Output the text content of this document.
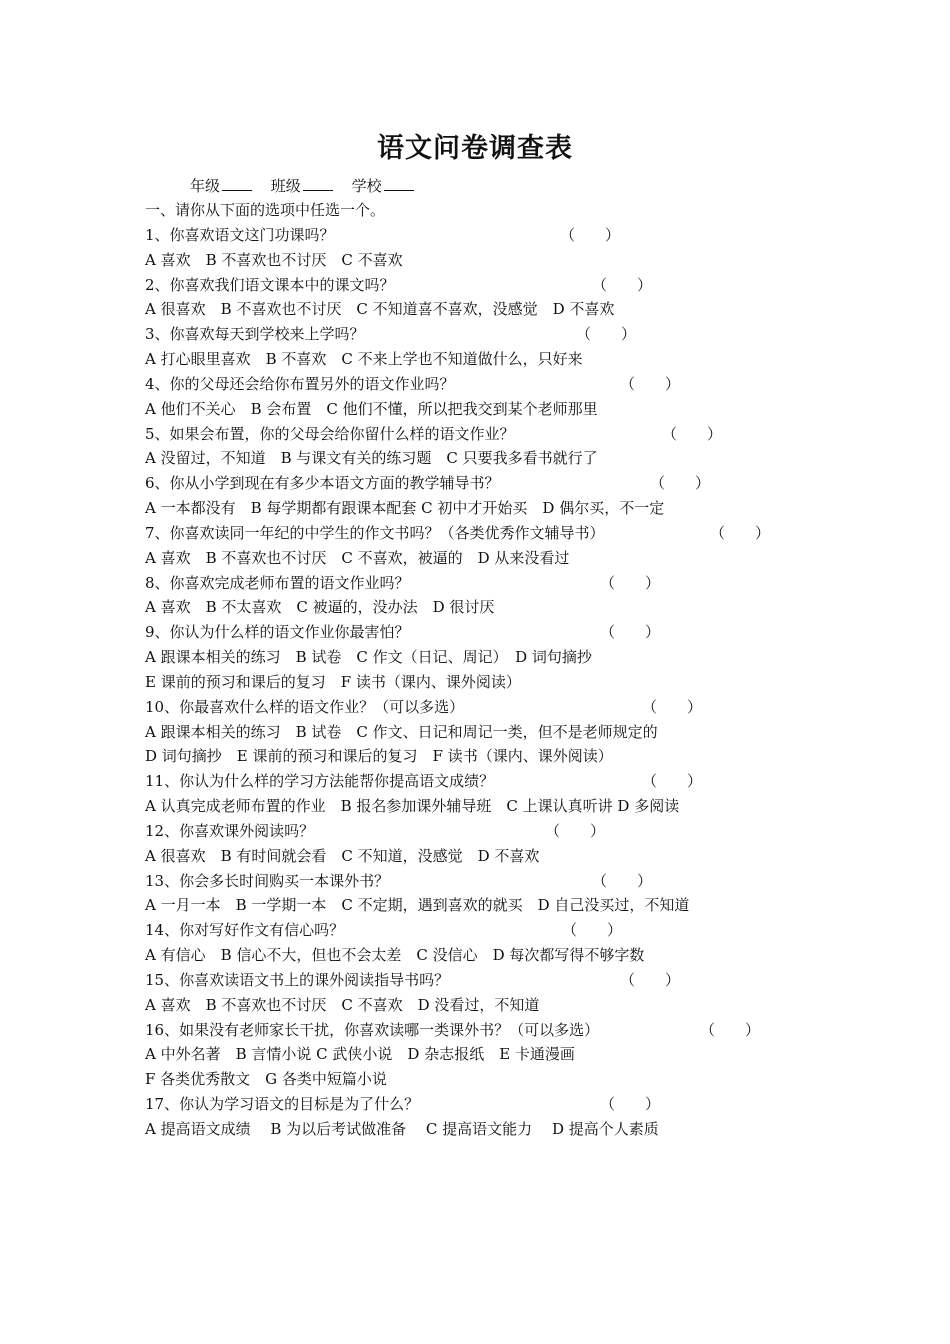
语文问卷调查表
年级	班级	学校
一、请你从下面的选项中任选一个。
1、你喜欢语文这门功课吗？	（　　）
A 喜欢　B 不喜欢也不讨厌　C 不喜欢
2、你喜欢我们语文课本中的课文吗？	（　　）
A 很喜欢　B 不喜欢也不讨厌　C 不知道喜不喜欢，没感觉　D 不喜欢
3、你喜欢每天到学校来上学吗？	（　　）
A 打心眼里喜欢　B 不喜欢　C 不来上学也不知道做什么，只好来
4、你的父母还会给你布置另外的语文作业吗？	（　　）
A 他们不关心　B 会布置　C 他们不懂，所以把我交到某个老师那里
5、如果会布置，你的父母会给你留什么样的语文作业？	（　　）
A 没留过，不知道　B 与课文有关的练习题　C 只要我多看书就行了
6、你从小学到现在有多少本语文方面的教学辅导书？	（　　）
A 一本都没有　B 每学期都有跟课本配套 C 初中才开始买　D 偶尔买，不一定
7、你喜欢读同一年纪的中学生的作文书吗？（各类优秀作文辅导书）	（　　）
A 喜欢　B 不喜欢也不讨厌　C 不喜欢，被逼的　D 从来没看过
8、你喜欢完成老师布置的语文作业吗？	（　　）
A 喜欢　B 不太喜欢　C 被逼的，没办法　D 很讨厌
9、你认为什么样的语文作业你最害怕？	（　　）
A 跟课本相关的练习　B 试卷　C 作文（日记、周记）　D 词句摘抄
E 课前的预习和课后的复习　F 读书（课内、课外阅读）
10、你最喜欢什么样的语文作业？（可以多选）	（　　）
A 跟课本相关的练习　B 试卷　C 作文、日记和周记一类，但不是老师规定的
D 词句摘抄　E 课前的预习和课后的复习　F 读书（课内、课外阅读）
11、你认为什么样的学习方法能帮你提高语文成绩？	（　　）
A 认真完成老师布置的作业　B 报名参加课外辅导班　C 上课认真听讲 D 多阅读
12、你喜欢课外阅读吗？	（　　）
A 很喜欢　B 有时间就会看　C 不知道，没感觉　D 不喜欢
13、你会多长时间购买一本课外书？	（　　）
A 一月一本　B 一学期一本　C 不定期，遇到喜欢的就买　D 自己没买过，不知道
14、你对写好作文有信心吗？	（　　）
A 有信心　B 信心不大，但也不会太差　C 没信心　D 每次都写得不够字数
15、你喜欢读语文书上的课外阅读指导书吗？	（　　）
A 喜欢　B 不喜欢也不讨厌　C 不喜欢　D 没看过，不知道
16、如果没有老师家长干扰，你喜欢读哪一类课外书？（可以多选）	（　　）
A 中外名著　B 言情小说 C 武侠小说　D 杂志报纸　E 卡通漫画
F 各类优秀散文　G 各类中短篇小说
17、你认为学习语文的目标是为了什么？	（　　）
A 提高语文成绩　 B 为以后考试做准备　 C 提高语文能力　 D 提高个人素质
